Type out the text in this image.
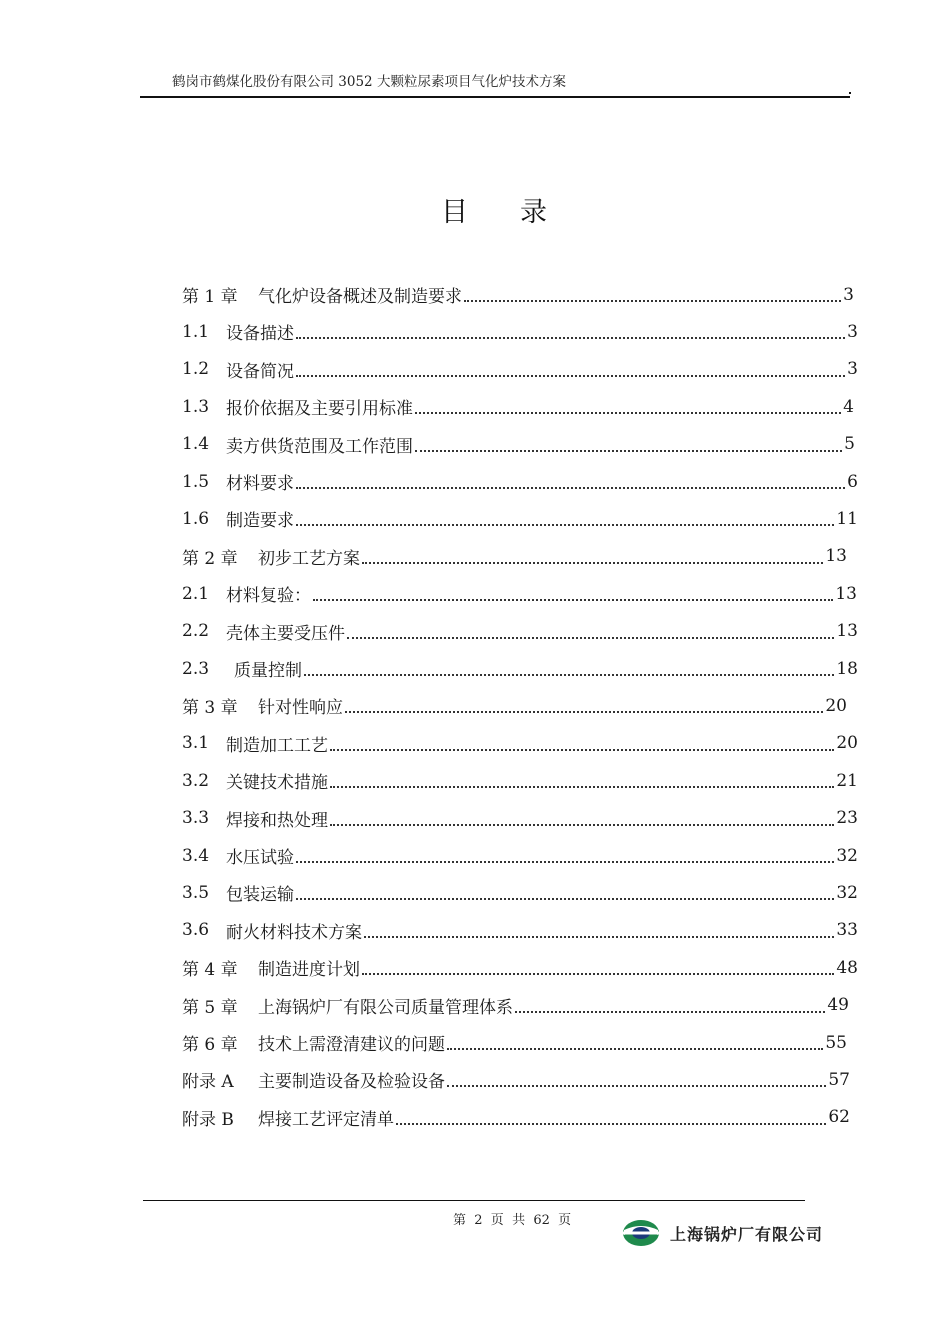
鹤岗市鹤煤化股份有限公司 3052 大颗粒尿素项目气化炉技术方案
目录
第 1 章	气化炉设备概述及制造要求	3
1.1 设备描述	3
1.2 设备简况	3
1.3 报价依据及主要引用标准	4
1.4 卖方供货范围及工作范围	5
1.5 材料要求	6
1.6 制造要求	11
第 2 章	初步工艺方案	13
2.1 材料复验：	13
2.2 壳体主要受压件	13
2.3	质量控制	18
第 3 章	针对性响应	20
3.1 制造加工工艺	20
3.2 关键技术措施	21
3.3 焊接和热处理	23
3.4 水压试验	32
3.5 包装运输	32
3.6 耐火材料技术方案	33
第 4 章	制造进度计划	48
第 5 章	上海锅炉厂有限公司质量管理体系	49
第 6 章	技术上需澄清建议的问题	55
附录 A	主要制造设备及检验设备	57
附录 B	焊接工艺评定清单	62
第  2  页  共  62  页
上海锅炉厂有限公司
